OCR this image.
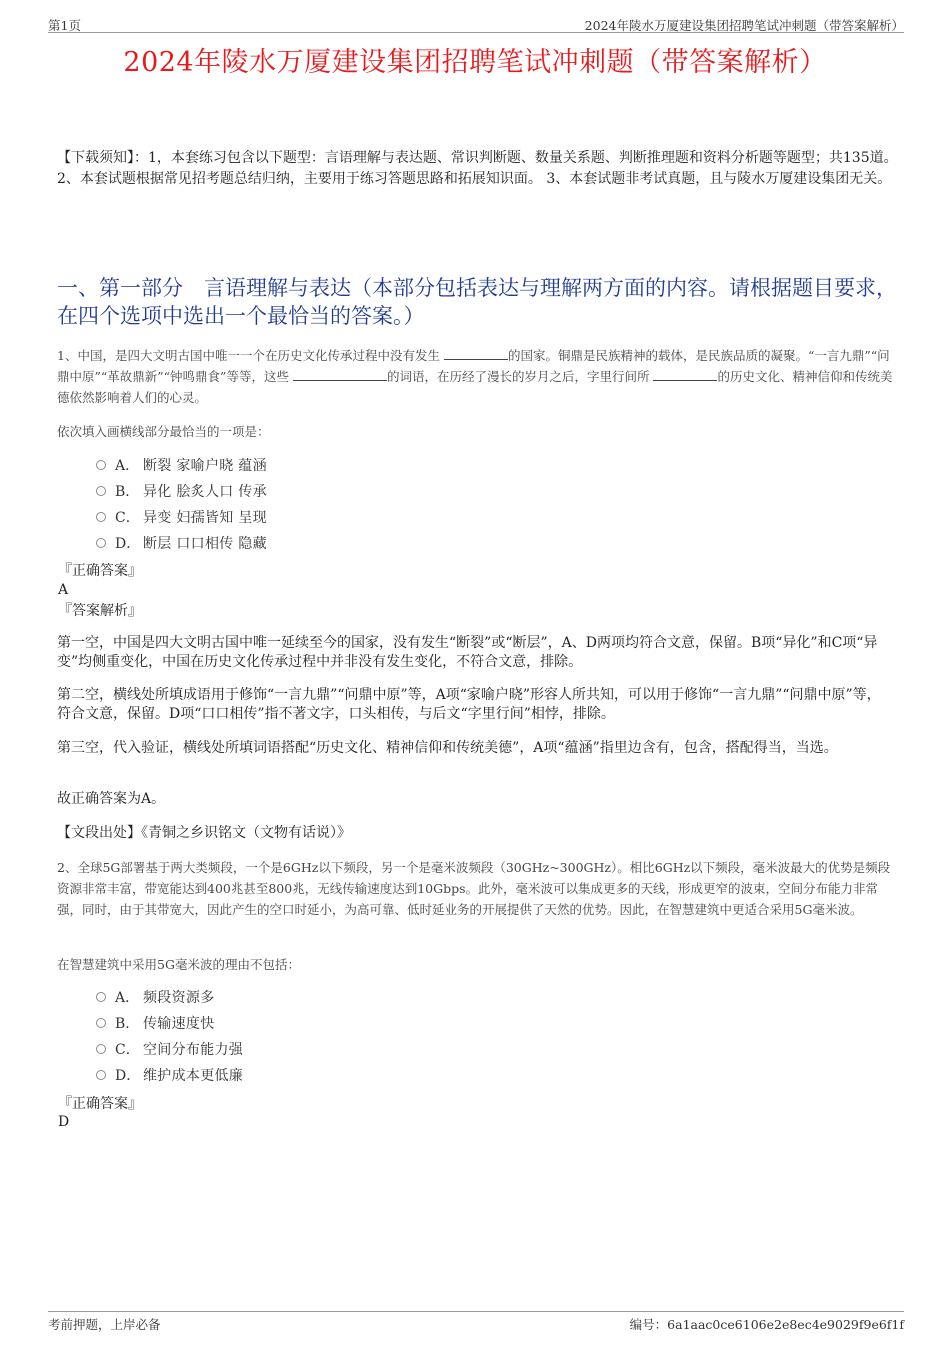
第1页	2024年陵水万厦建设集团招聘笔试冲刺题（带答案解析）
2024年陵水万厦建设集团招聘笔试冲刺题（带答案解析）
【下载须知】：1，本套练习包含以下题型：言语理解与表达题、常识判断题、数量关系题、判断推理题和资料分析题等题型；共135道。 2、本套试题根据常见招考题总结归纳，主要用于练习答题思路和拓展知识面。 3、本套试题非考试真题，且与陵水万厦建设集团无关。
一、第一部分　言语理解与表达（本部分包括表达与理解两方面的内容。请根据题目要求，在四个选项中选出一个最恰当的答案。）
1、中国，是四大文明古国中唯一一个在历史文化传承过程中没有发生	的国家。铜鼎是民族精神的载体，是民族品质的凝聚。“一言九鼎”“问鼎中原”“革故鼎新”“钟鸣鼎食”等等，这些	的词语，在历经了漫长的岁月之后，字里行间所	的历史文化、精神信仰和传统美德依然影响着人们的心灵。
依次填入画横线部分最恰当的一项是：
A． 断裂 家喻户晓 蕴涵
B． 异化 脍炙人口 传承
C． 异变 妇孺皆知 呈现
D． 断层 口口相传 隐藏
『正确答案』
A
『答案解析』
第一空，中国是四大文明古国中唯一延续至今的国家，没有发生“断裂”或“断层”，A、D两项均符合文意，保留。B项“异化”和C项“异变”均侧重变化，中国在历史文化传承过程中并非没有发生变化，不符合文意，排除。
第二空，横线处所填成语用于修饰“一言九鼎”“问鼎中原”等，A项“家喻户晓”形容人所共知，可以用于修饰“一言九鼎”“问鼎中原”等，符合文意，保留。D项“口口相传”指不著文字，口头相传，与后文“字里行间”相悖，排除。
第三空，代入验证，横线处所填词语搭配“历史文化、精神信仰和传统美德”，A项“蕴涵”指里边含有，包含，搭配得当，当选。
故正确答案为A。
【文段出处】《青铜之乡识铭文（文物有话说）》
2、全球5G部署基于两大类频段，一个是6GHz以下频段，另一个是毫米波频段（30GHz~300GHz）。相比6GHz以下频段，毫米波最大的优势是频段资源非常丰富，带宽能达到400兆甚至800兆，无线传输速度达到10Gbps。此外，毫米波可以集成更多的天线，形成更窄的波束，空间分布能力非常强，同时，由于其带宽大，因此产生的空口时延小，为高可靠、低时延业务的开展提供了天然的优势。因此，在智慧建筑中更适合采用5G毫米波。
在智慧建筑中采用5G毫米波的理由不包括：
A． 频段资源多
B． 传输速度快
C． 空间分布能力强
D． 维护成本更低廉
『正确答案』
D
考前押题，上岸必备	编号：6a1aac0ce6106e2e8ec4e9029f9e6f1f
